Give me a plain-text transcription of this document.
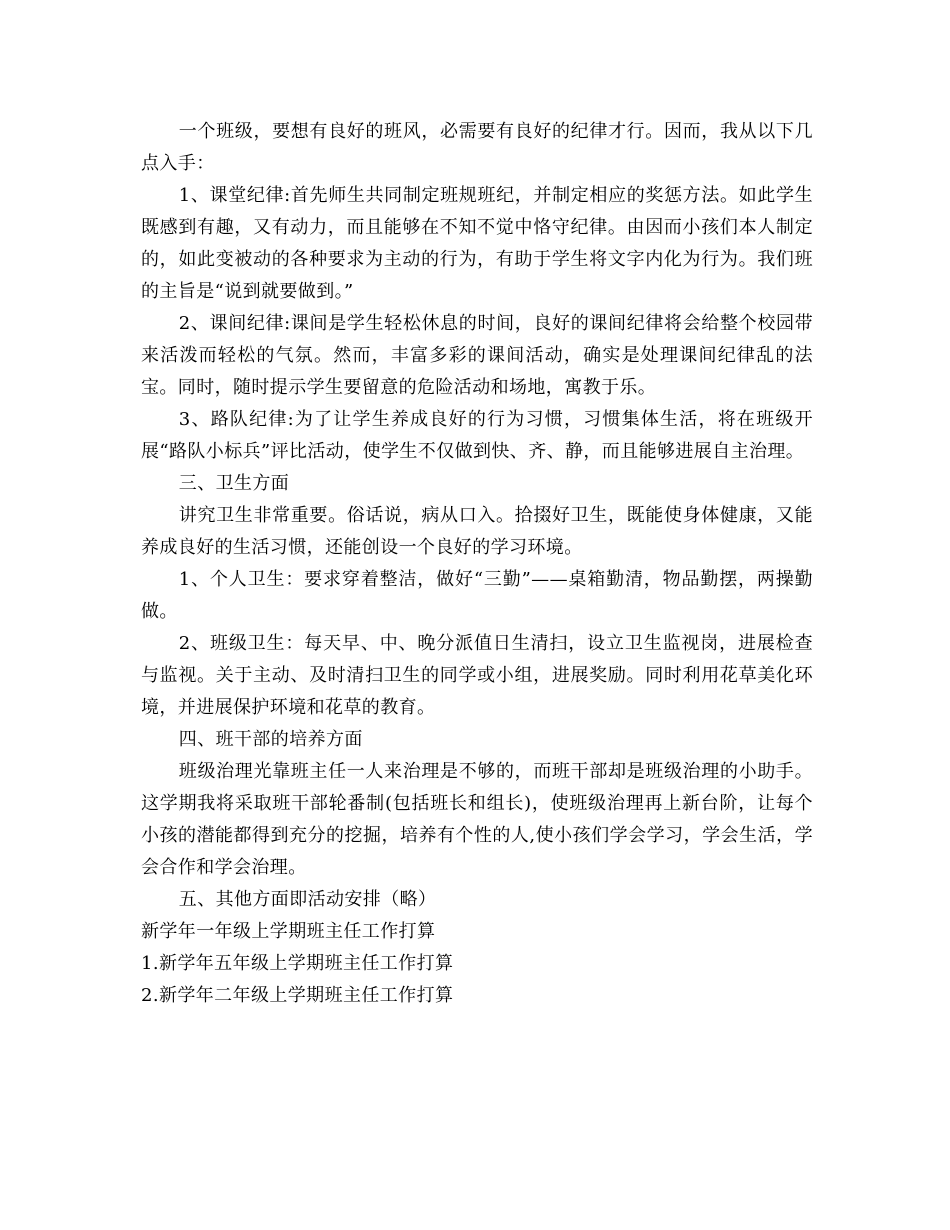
一个班级，要想有良好的班风，必需要有良好的纪律才行。因而，我从以下几点入手：

1、课堂纪律:首先师生共同制定班规班纪，并制定相应的奖惩方法。如此学生既感到有趣，又有动力，而且能够在不知不觉中恪守纪律。由因而小孩们本人制定的，如此变被动的各种要求为主动的行为，有助于学生将文字内化为行为。我们班的主旨是“说到就要做到。”

2、课间纪律:课间是学生轻松休息的时间，良好的课间纪律将会给整个校园带来活泼而轻松的气氛。然而，丰富多彩的课间活动，确实是处理课间纪律乱的法宝。同时，随时提示学生要留意的危险活动和场地，寓教于乐。

3、路队纪律:为了让学生养成良好的行为习惯，习惯集体生活，将在班级开展“路队小标兵”评比活动，使学生不仅做到快、齐、静，而且能够进展自主治理。

三、卫生方面

讲究卫生非常重要。俗话说，病从口入。拾掇好卫生，既能使身体健康，又能养成良好的生活习惯，还能创设一个良好的学习环境。

1、个人卫生：要求穿着整洁，做好“三勤”——桌箱勤清，物品勤摆，两操勤做。

2、班级卫生：每天早、中、晚分派值日生清扫，设立卫生监视岗，进展检查与监视。关于主动、及时清扫卫生的同学或小组，进展奖励。同时利用花草美化环境，并进展保护环境和花草的教育。

四、班干部的培养方面

班级治理光靠班主任一人来治理是不够的，而班干部却是班级治理的小助手。这学期我将采取班干部轮番制(包括班长和组长)，使班级治理再上新台阶，让每个小孩的潜能都得到充分的挖掘，培养有个性的人,使小孩们学会学习，学会生活，学会合作和学会治理。

五、其他方面即活动安排（略）

新学年一年级上学期班主任工作打算

1.新学年五年级上学期班主任工作打算

2.新学年二年级上学期班主任工作打算
